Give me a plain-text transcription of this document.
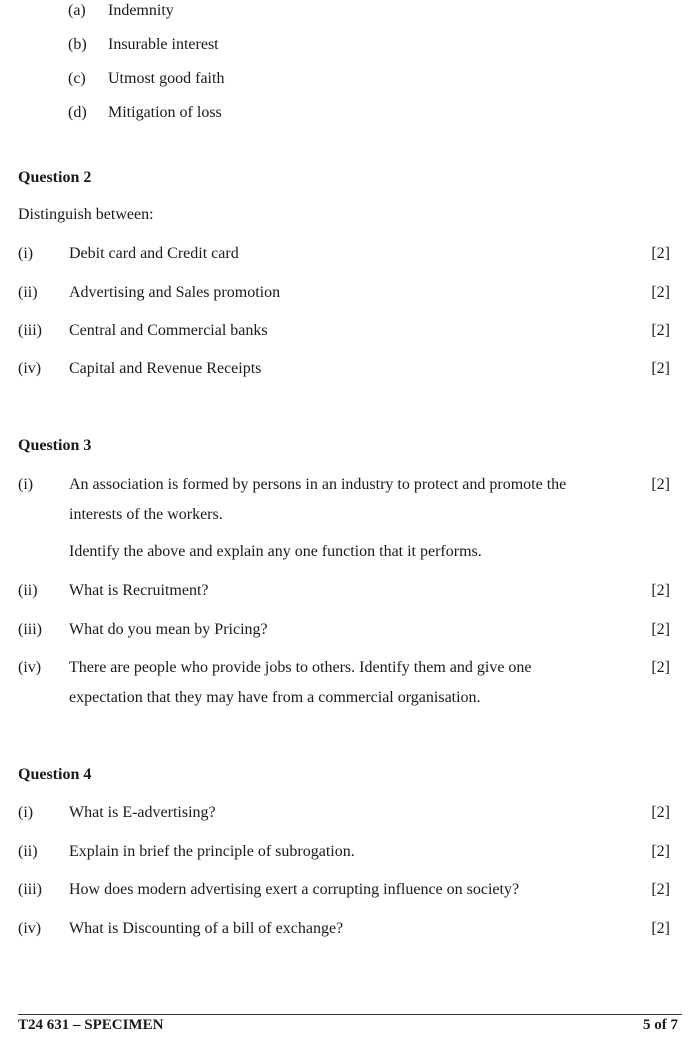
(a) Indemnity
(b) Insurable interest
(c) Utmost good faith
(d) Mitigation of loss
Question 2
Distinguish between:
(i) Debit card and Credit card	[2]
(ii) Advertising and Sales promotion	[2]
(iii) Central and Commercial banks	[2]
(iv) Capital and Revenue Receipts	[2]
Question 3
(i) An association is formed by persons in an industry to protect and promote the	[2]
interests of the workers.
Identify the above and explain any one function that it performs.
(ii) What is Recruitment?	[2]
(iii) What do you mean by Pricing?	[2]
(iv) There are people who provide jobs to others. Identify them and give one	[2]
expectation that they may have from a commercial organisation.
Question 4
(i) What is E-advertising?	[2]
(ii) Explain in brief the principle of subrogation.	[2]
(iii) How does modern advertising exert a corrupting influence on society?	[2]
(iv) What is Discounting of a bill of exchange?	[2]
T24 631 – SPECIMEN	5 of 7
